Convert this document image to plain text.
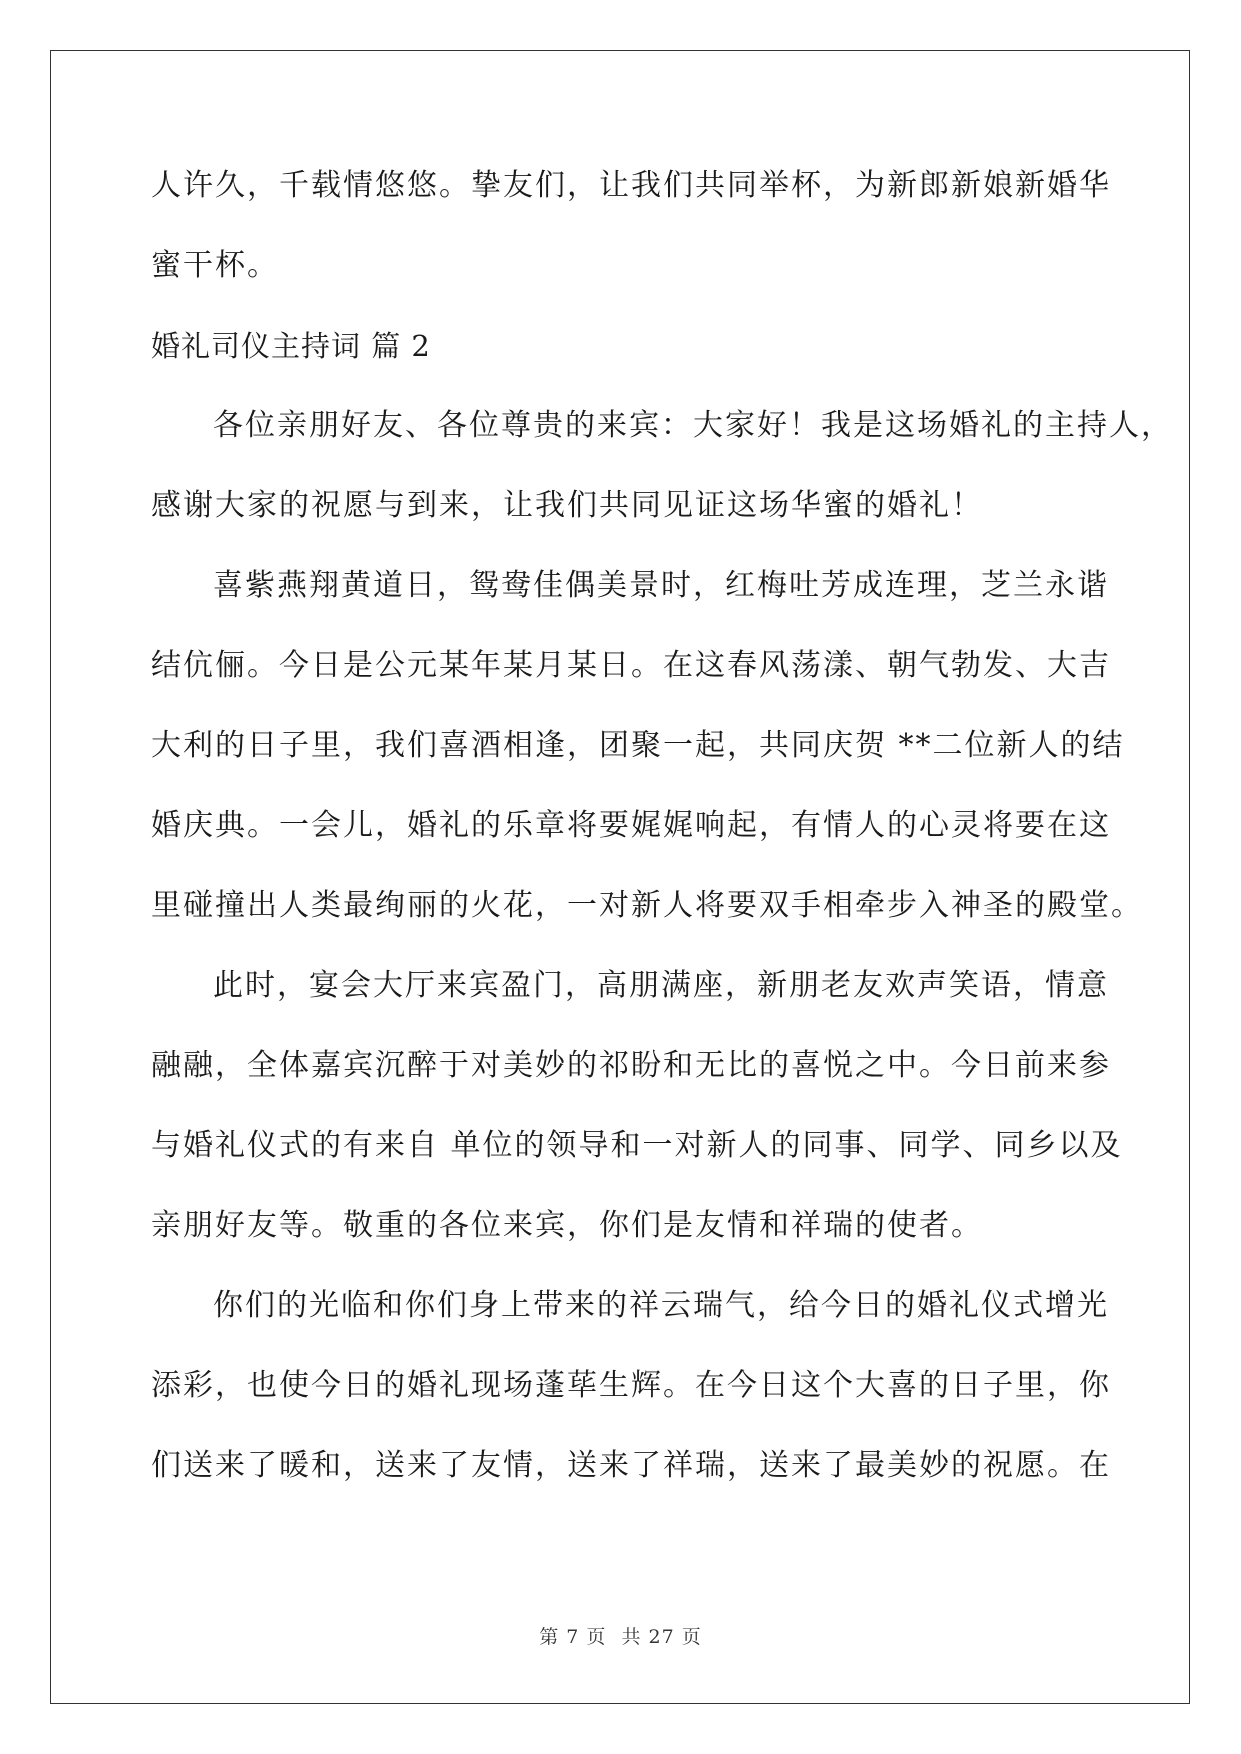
人许久，千载情悠悠。挚友们，让我们共同举杯，为新郎新娘新婚华
蜜干杯。
婚礼司仪主持词 篇 2
各位亲朋好友、各位尊贵的来宾：大家好！我是这场婚礼的主持人，
感谢大家的祝愿与到来，让我们共同见证这场华蜜的婚礼！
喜紫燕翔黄道日，鸳鸯佳偶美景时，红梅吐芳成连理，芝兰永谐
结伉俪。今日是公元某年某月某日。在这春风荡漾、朝气勃发、大吉
大利的日子里，我们喜酒相逢，团聚一起，共同庆贺 **二位新人的结
婚庆典。一会儿，婚礼的乐章将要娓娓响起，有情人的心灵将要在这
里碰撞出人类最绚丽的火花，一对新人将要双手相牵步入神圣的殿堂。
此时，宴会大厅来宾盈门，高朋满座，新朋老友欢声笑语，情意
融融，全体嘉宾沉醉于对美妙的祁盼和无比的喜悦之中。今日前来参
与婚礼仪式的有来自 单位的领导和一对新人的同事、同学、同乡以及
亲朋好友等。敬重的各位来宾，你们是友情和祥瑞的使者。
你们的光临和你们身上带来的祥云瑞气，给今日的婚礼仪式增光
添彩，也使今日的婚礼现场蓬荜生辉。在今日这个大喜的日子里，你
们送来了暖和，送来了友情，送来了祥瑞，送来了最美妙的祝愿。在
第 7 页 共 27 页
